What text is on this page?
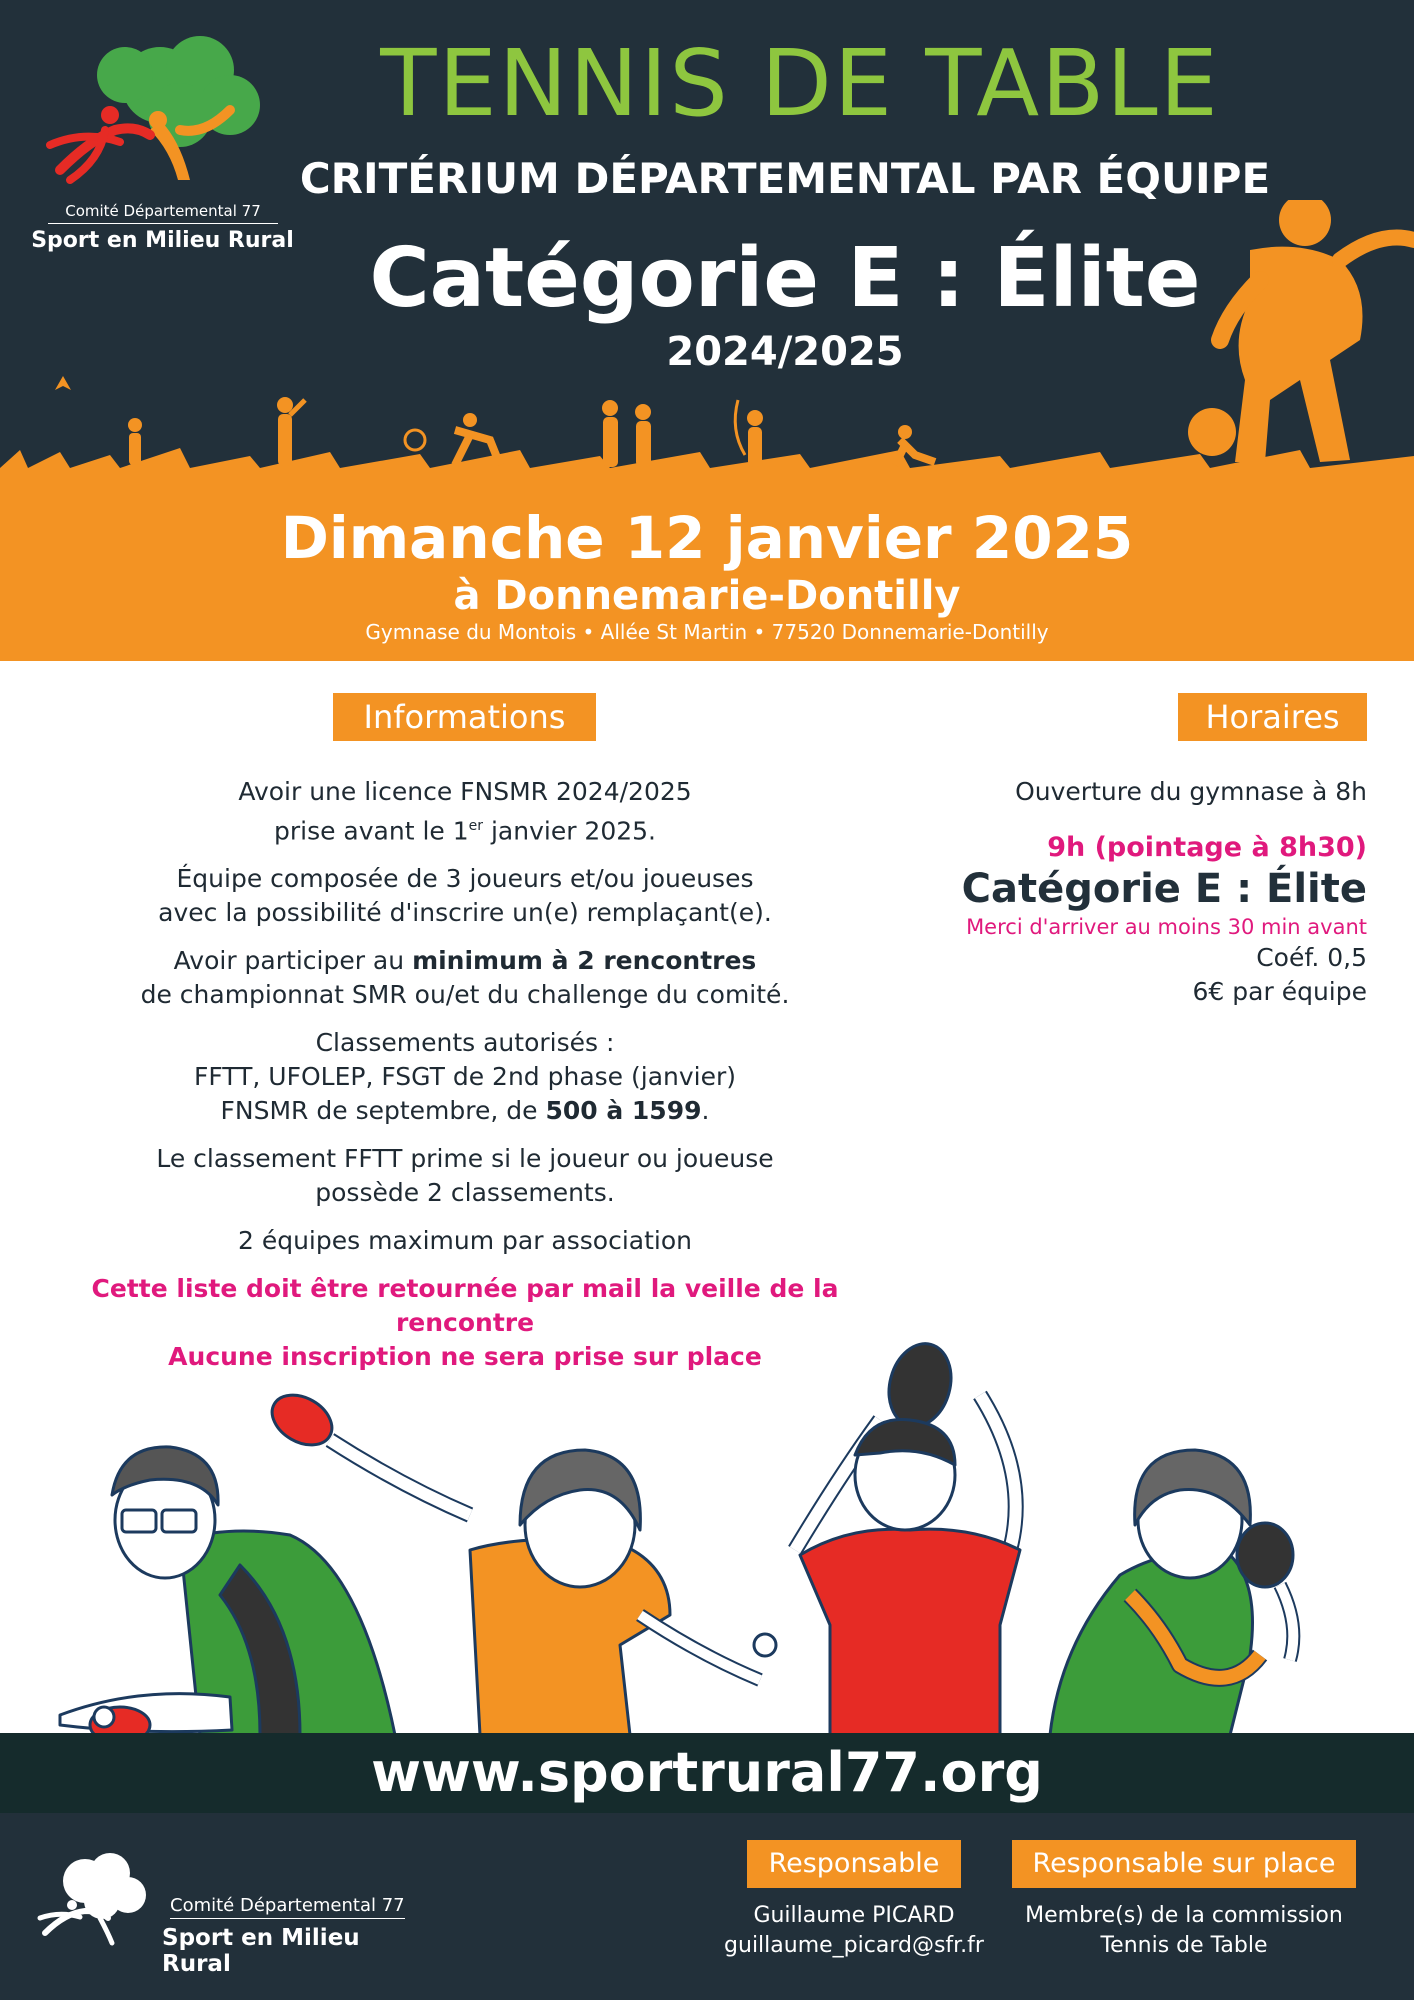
Comité Départemental 77
Sport en Milieu Rural
TENNIS DE TABLE
CRITÉRIUM DÉPARTEMENTAL PAR ÉQUIPE
Catégorie E : Élite
2024/2025
Dimanche 12 janvier 2025
à Donnemarie-Dontilly
Gymnase du Montois • Allée St Martin • 77520 Donnemarie-Dontilly
Informations	Horaires

Avoir une licence FNSMR 2024/2025
prise avant le 1er janvier 2025.

Équipe composée de 3 joueurs et/ou joueuses
avec la possibilité d'inscrire un(e) remplaçant(e).

Avoir participer au minimum à 2 rencontres
de championnat SMR ou/et du challenge du comité.

Classements autorisés :
FFTT, UFOLEP, FSGT de 2nd phase (janvier)
FNSMR de septembre, de 500 à 1599.

Le classement FFTT prime si le joueur ou joueuse
possède 2 classements.

2 équipes maximum par association

Cette liste doit être retournée par mail la veille de la rencontre
Aucune inscription ne sera prise sur place
Ouverture du gymnase à 8h
9h (pointage à 8h30)
Catégorie E : Élite
Merci d'arriver au moins 30 min avant
Coéf. 0,5
6€ par équipe
www.sportrural77.org
Comité Départemental 77
Sport en Milieu Rural
Responsable
Guillaume PICARD
guillaume_picard@sfr.fr
Responsable sur place
Membre(s) de la commission
Tennis de Table
